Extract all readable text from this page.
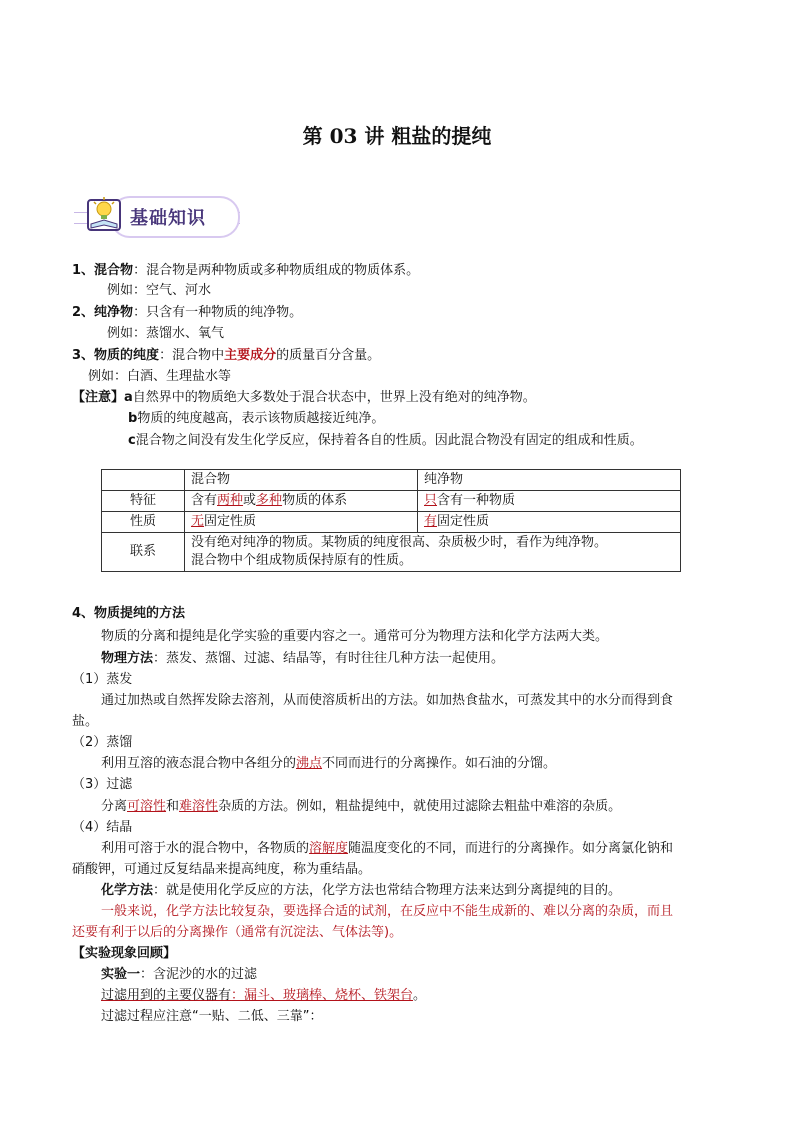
第 03 讲 粗盐的提纯
基础知识
1、混合物：混合物是两种物质或多种物质组成的物质体系。
例如：空气、河水
2、纯净物：只含有一种物质的纯净物。
例如：蒸馏水、氧气
3、物质的纯度：混合物中主要成分的质量百分含量。
例如：白酒、生理盐水等
【注意】a自然界中的物质绝大多数处于混合状态中，世界上没有绝对的纯净物。
b物质的纯度越高，表示该物质越接近纯净。
c混合物之间没有发生化学反应，保持着各自的性质。因此混合物没有固定的组成和性质。
	混合物	纯净物
特征	含有两种或多种物质的体系	只含有一种物质
性质	无固定性质	有固定性质
联系	没有绝对纯净的物质。某物质的纯度很高、杂质极少时，看作为纯净物。
混合物中个组成物质保持原有的性质。	
4、物质提纯的方法
物质的分离和提纯是化学实验的重要内容之一。通常可分为物理方法和化学方法两大类。
物理方法：蒸发、蒸馏、过滤、结晶等，有时往往几种方法一起使用。
（1）蒸发
通过加热或自然挥发除去溶剂，从而使溶质析出的方法。如加热食盐水，可蒸发其中的水分而得到食
盐。
（2）蒸馏
利用互溶的液态混合物中各组分的沸点不同而进行的分离操作。如石油的分馏。
（3）过滤
分离可溶性和难溶性杂质的方法。例如，粗盐提纯中，就使用过滤除去粗盐中难溶的杂质。
（4）结晶
利用可溶于水的混合物中，各物质的溶解度随温度变化的不同，而进行的分离操作。如分离氯化钠和
硝酸钾，可通过反复结晶来提高纯度，称为重结晶。
化学方法：就是使用化学反应的方法，化学方法也常结合物理方法来达到分离提纯的目的。
一般来说，化学方法比较复杂，要选择合适的试剂，在反应中不能生成新的、难以分离的杂质，而且
还要有利于以后的分离操作（通常有沉淀法、气体法等)。
【实验现象回顾】
实验一：含泥沙的水的过滤
过滤用到的主要仪器有：漏斗、玻璃棒、烧杯、铁架台。
过滤过程应注意“一贴、二低、三靠”：
